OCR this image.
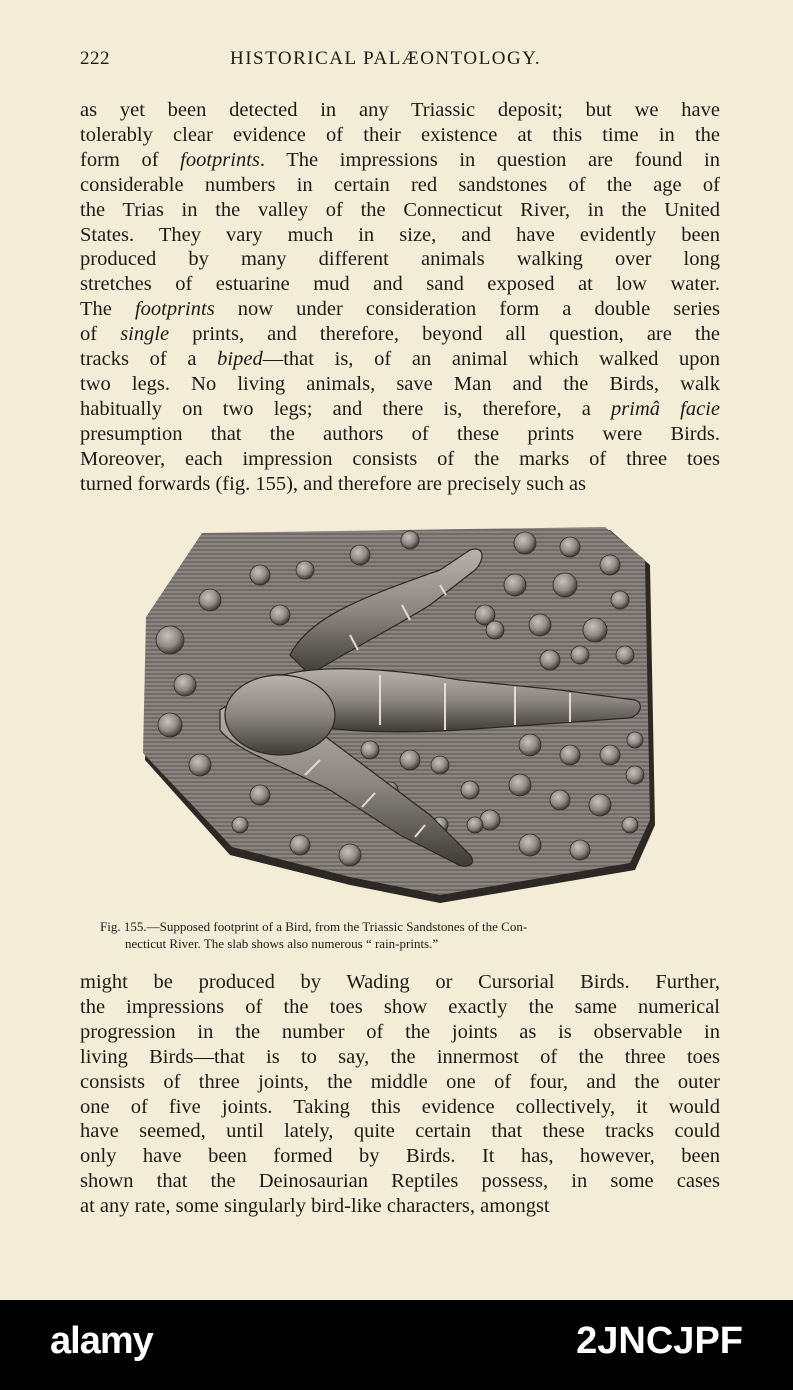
222	HISTORICAL PALÆONTOLOGY.
as yet been detected in any Triassic deposit; but we have
tolerably clear evidence of their existence at this time in the
form of footprints. The impressions in question are found in
considerable numbers in certain red sandstones of the age of
the Trias in the valley of the Connecticut River, in the United
States. They vary much in size, and have evidently been
produced by many different animals walking over long
stretches of estuarine mud and sand exposed at low water.
The footprints now under consideration form a double series
of single prints, and therefore, beyond all question, are the
tracks of a biped—that is, of an animal which walked upon
two legs. No living animals, save Man and the Birds, walk
habitually on two legs; and there is, therefore, a primâ facie
presumption that the authors of these prints were Birds.
Moreover, each impression consists of the marks of three toes
turned forwards (fig. 155), and therefore are precisely such as
Fig. 155.—Supposed footprint of a Bird, from the Triassic Sandstones of the Con-
necticut River. The slab shows also numerous “ rain-prints.”
might be produced by Wading or Cursorial Birds. Further,
the impressions of the toes show exactly the same numerical
progression in the number of the joints as is observable in
living Birds—that is to say, the innermost of the three toes
consists of three joints, the middle one of four, and the outer
one of five joints. Taking this evidence collectively, it would
have seemed, until lately, quite certain that these tracks could
only have been formed by Birds. It has, however, been
shown that the Deinosaurian Reptiles possess, in some cases
at any rate, some singularly bird-like characters, amongst
alamy	2JNCJPF
